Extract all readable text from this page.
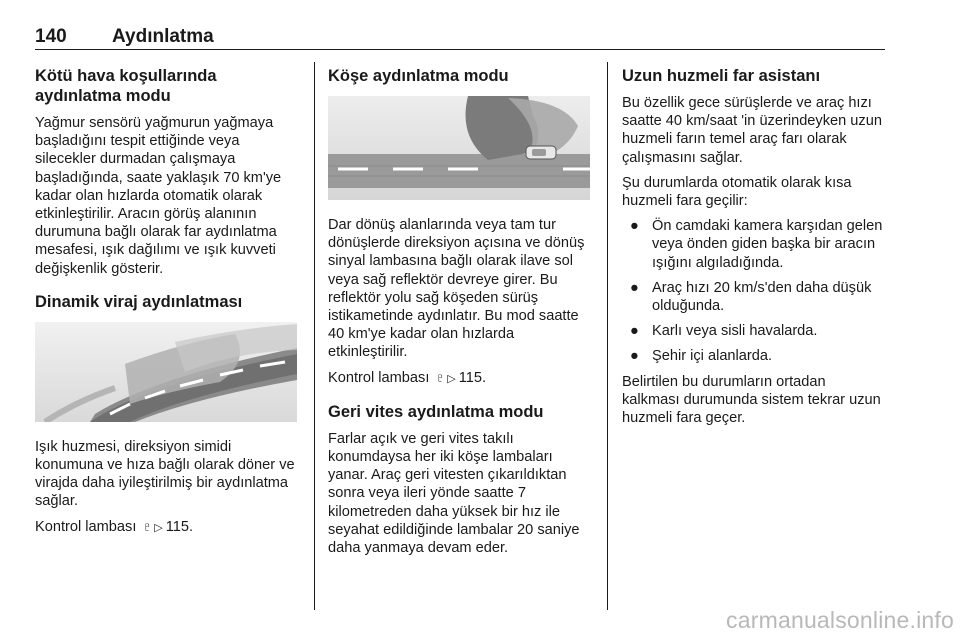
140 Aydınlatma
Kötü hava koşullarında
aydınlatma modu

Yağmur sensörü yağmurun yağmaya başladığını tespit ettiğinde veya silecekler durmadan çalışmaya başladığında, saate yaklaşık 70 km'ye kadar olan hızlarda otomatik olarak etkinleştirilir. Aracın görüş alanının durumuna bağlı olarak far aydınlatma mesafesi, ışık dağılımı ve ışık kuvveti değişkenlik gösterir.

Dinamik viraj aydınlatması

Işık huzmesi, direksiyon simidi konumuna ve hıza bağlı olarak döner ve virajda daha iyileştirilmiş bir aydınlatma sağlar.

Kontrol lambası ♇ ▷ 115.

Köşe aydınlatma modu

Dar dönüş alanlarında veya tam tur dönüşlerde direksiyon açısına ve dönüş sinyal lambasına bağlı olarak ilave sol veya sağ reflektör devreye girer. Bu reflektör yolu sağ köşeden sürüş istikametinde aydınlatır. Bu mod saatte 40 km'ye kadar olan hızlarda etkinleştirilir.

Kontrol lambası ♇ ▷ 115.

Geri vites aydınlatma modu

Farlar açık ve geri vites takılı konumdaysa her iki köşe lambaları yanar. Araç geri vitesten çıkarıldıktan sonra veya ileri yönde saatte 7 kilometreden daha yüksek bir hız ile seyahat edildiğinde lambalar 20 saniye daha yanmaya devam eder.

Uzun huzmeli far asistanı

Bu özellik gece sürüşlerde ve araç hızı saatte 40 km/saat 'in üzerindeyken uzun huzmeli farın temel araç farı olarak çalışmasını sağlar.

Şu durumlarda otomatik olarak kısa huzmeli fara geçilir:

● Ön camdaki kamera karşıdan gelen veya önden giden başka bir aracın ışığını algıladığında.
● Araç hızı 20 km/s'den daha düşük olduğunda.
● Karlı veya sisli havalarda.
● Şehir içi alanlarda.

Belirtilen bu durumların ortadan kalkması durumunda sistem tekrar uzun huzmeli fara geçer.

carmanualsonline.info
